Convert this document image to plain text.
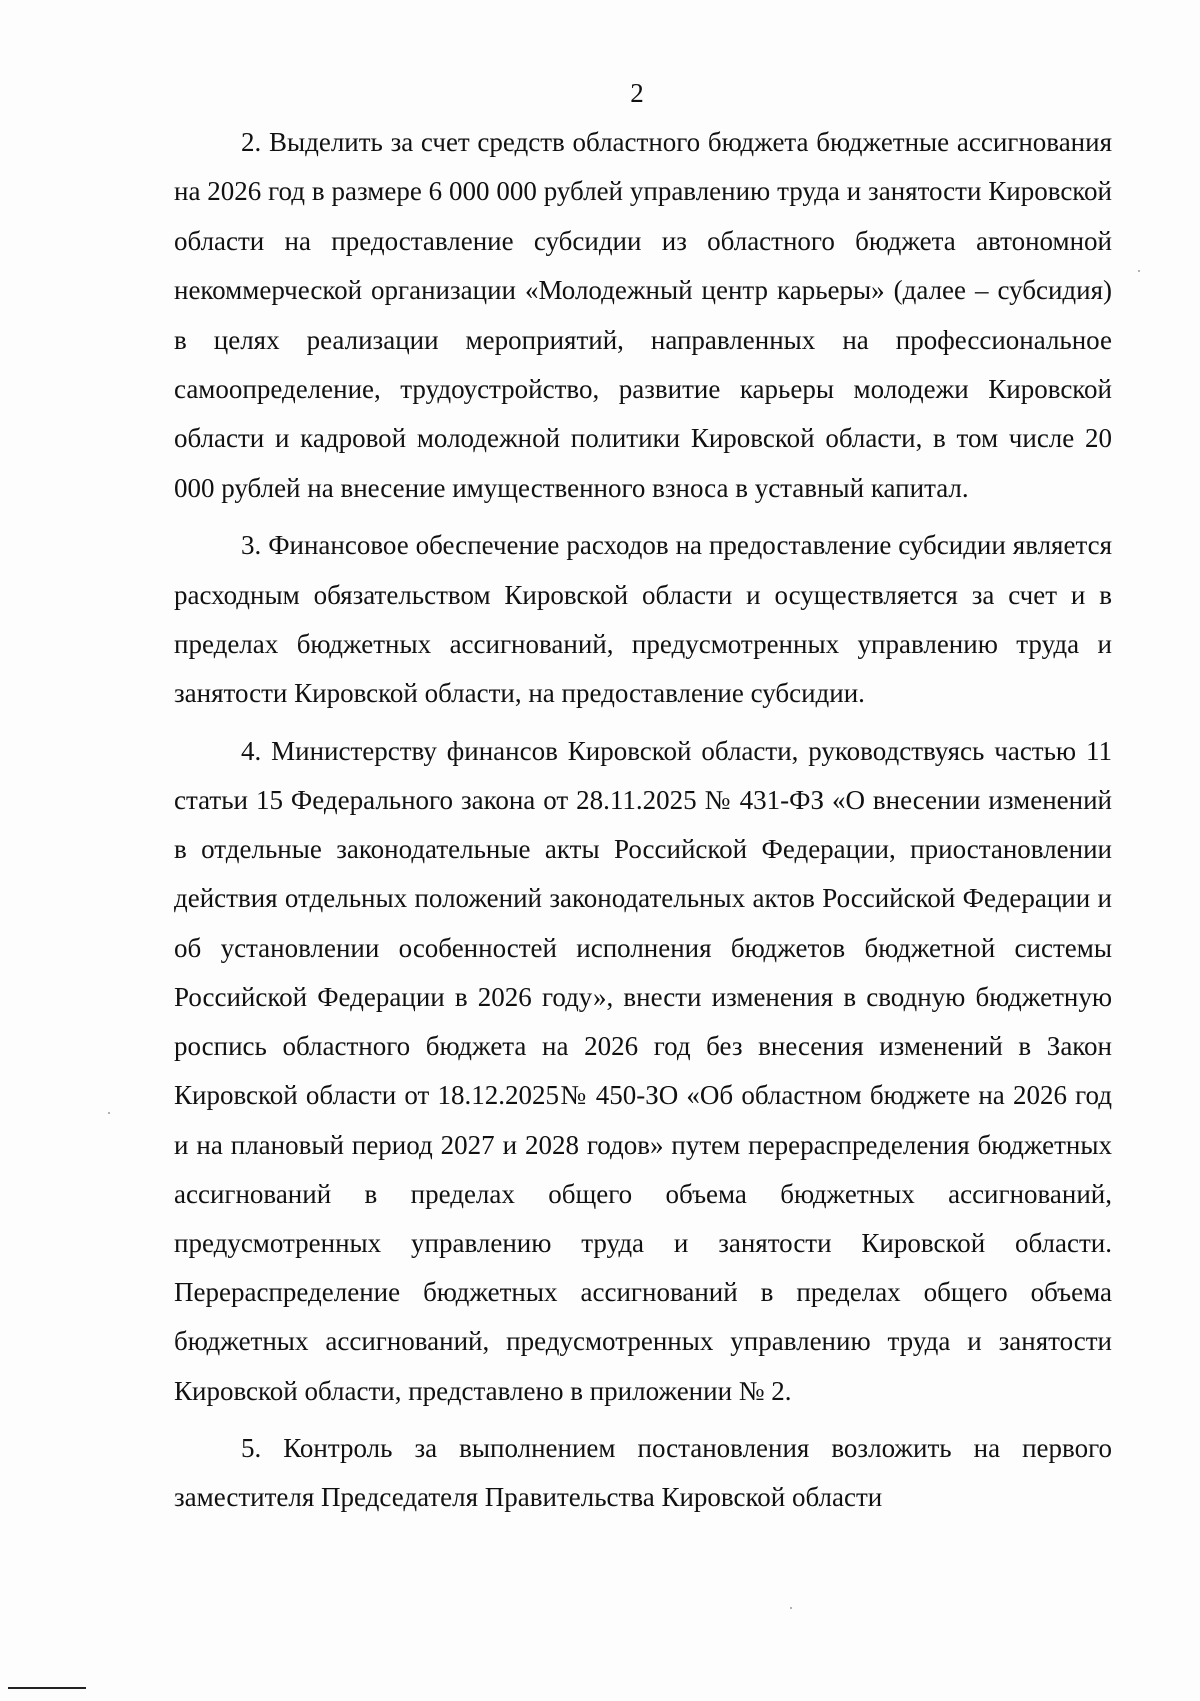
2

2. Выделить за счет средств областного бюджета бюджетные ассигнования на 2026 год в размере 6 000 000 рублей управлению труда и занятости Кировской области на предоставление субсидии из областного бюджета автономной некоммерческой организации «Молодежный центр карьеры» (далее – субсидия) в целях реализации мероприятий, направленных на профессиональное самоопределение, трудоустройство, развитие карьеры молодежи Кировской области и кадровой молодежной политики Кировской области, в том числе 20 000 рублей на внесение имущественного взноса в уставный капитал.

3. Финансовое обеспечение расходов на предоставление субсидии является расходным обязательством Кировской области и осуществляется за счет и в пределах бюджетных ассигнований, предусмотренных управлению труда и занятости Кировской области, на предоставление субсидии.

4. Министерству финансов Кировской области, руководствуясь частью 11 статьи 15 Федерального закона от 28.11.2025 № 431-ФЗ «О внесении изменений в отдельные законодательные акты Российской Федерации, приостановлении действия отдельных положений законодательных актов Российской Федерации и об установлении особенностей исполнения бюджетов бюджетной системы Российской Федерации в 2026 году», внести изменения в сводную бюджетную роспись областного бюджета на 2026 год без внесения изменений в Закон Кировской области от 18.12.2025№ 450-ЗО «Об областном бюджете на 2026 год и на плановый период 2027 и 2028 годов» путем перераспределения бюджетных ассигнований в пределах общего объема бюджетных ассигнований, предусмотренных управлению труда и занятости Кировской области. Перераспределение бюджетных ассигнований в пределах общего объема бюджетных ассигнований, предусмотренных управлению труда и занятости Кировской области, представлено в приложении № 2.

5. Контроль за выполнением постановления возложить на первого заместителя Председателя Правительства Кировской области
